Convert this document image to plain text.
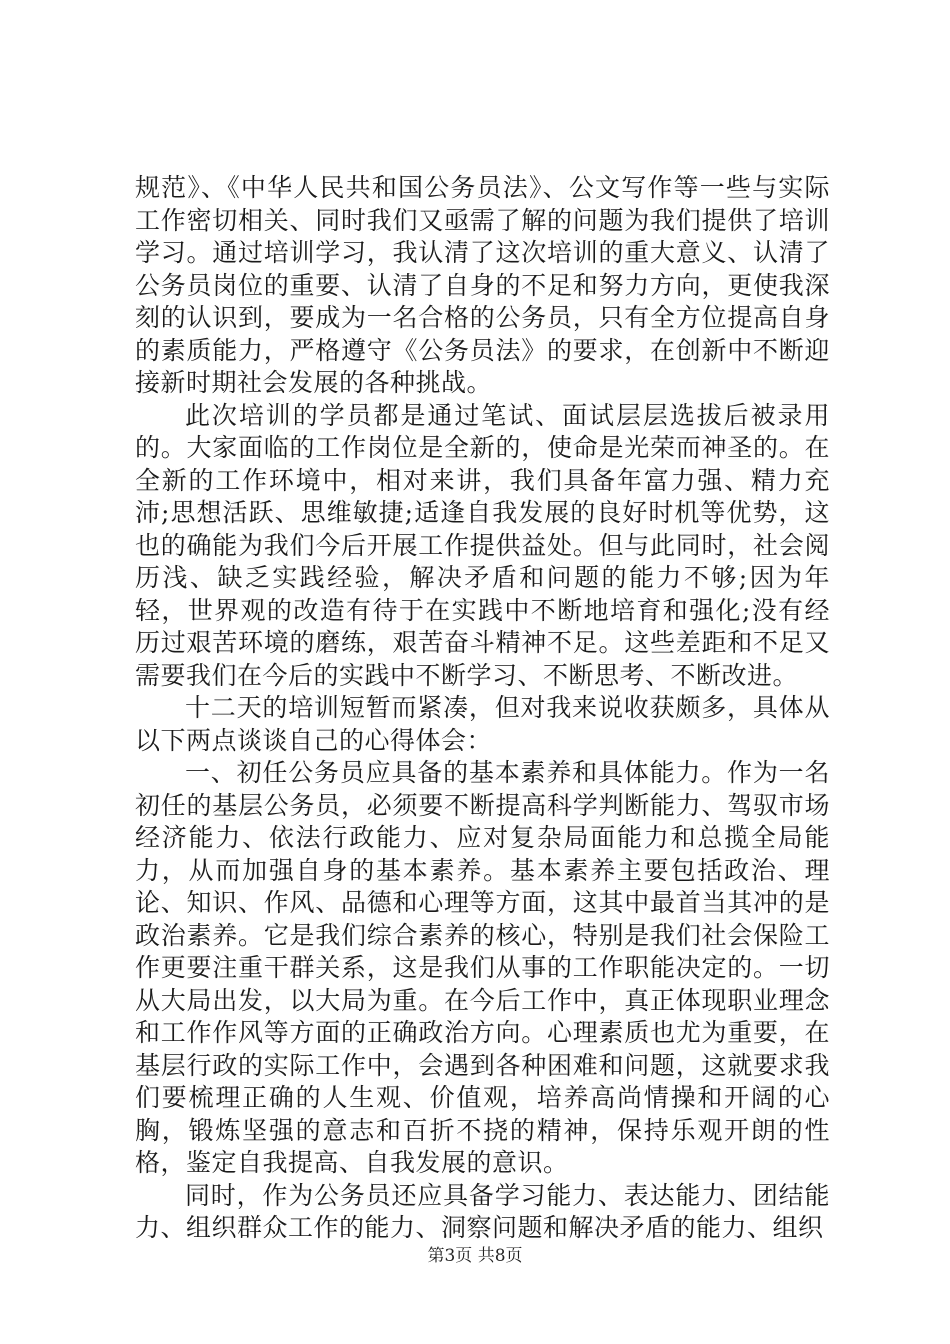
规范》、《中华人民共和国公务员法》、公文写作等一些与实际工作密切相关、同时我们又亟需了解的问题为我们提供了培训学习。通过培训学习，我认清了这次培训的重大意义、认清了公务员岗位的重要、认清了自身的不足和努力方向，更使我深刻的认识到，要成为一名合格的公务员，只有全方位提高自身的素质能力，严格遵守《公务员法》的要求，在创新中不断迎接新时期社会发展的各种挑战。

此次培训的学员都是通过笔试、面试层层选拔后被录用的。大家面临的工作岗位是全新的，使命是光荣而神圣的。在全新的工作环境中，相对来讲，我们具备年富力强、精力充沛;思想活跃、思维敏捷;适逢自我发展的良好时机等优势，这也的确能为我们今后开展工作提供益处。但与此同时，社会阅历浅、缺乏实践经验，解决矛盾和问题的能力不够;因为年轻，世界观的改造有待于在实践中不断地培育和强化;没有经历过艰苦环境的磨练，艰苦奋斗精神不足。这些差距和不足又需要我们在今后的实践中不断学习、不断思考、不断改进。

十二天的培训短暂而紧凑，但对我来说收获颇多，具体从以下两点谈谈自己的心得体会：

一、初任公务员应具备的基本素养和具体能力。作为一名初任的基层公务员，必须要不断提高科学判断能力、驾驭市场经济能力、依法行政能力、应对复杂局面能力和总揽全局能力，从而加强自身的基本素养。基本素养主要包括政治、理论、知识、作风、品德和心理等方面，这其中最首当其冲的是政治素养。它是我们综合素养的核心，特别是我们社会保险工作更要注重干群关系，这是我们从事的工作职能决定的。一切从大局出发，以大局为重。在今后工作中，真正体现职业理念和工作作风等方面的正确政治方向。心理素质也尤为重要，在基层行政的实际工作中，会遇到各种困难和问题，这就要求我们要梳理正确的人生观、价值观，培养高尚情操和开阔的心胸，锻炼坚强的意志和百折不挠的精神，保持乐观开朗的性格，鉴定自我提高、自我发展的意识。

同时，作为公务员还应具备学习能力、表达能力、团结能力、组织群众工作的能力、洞察问题和解决矛盾的能力、组织

第3页 共8页
